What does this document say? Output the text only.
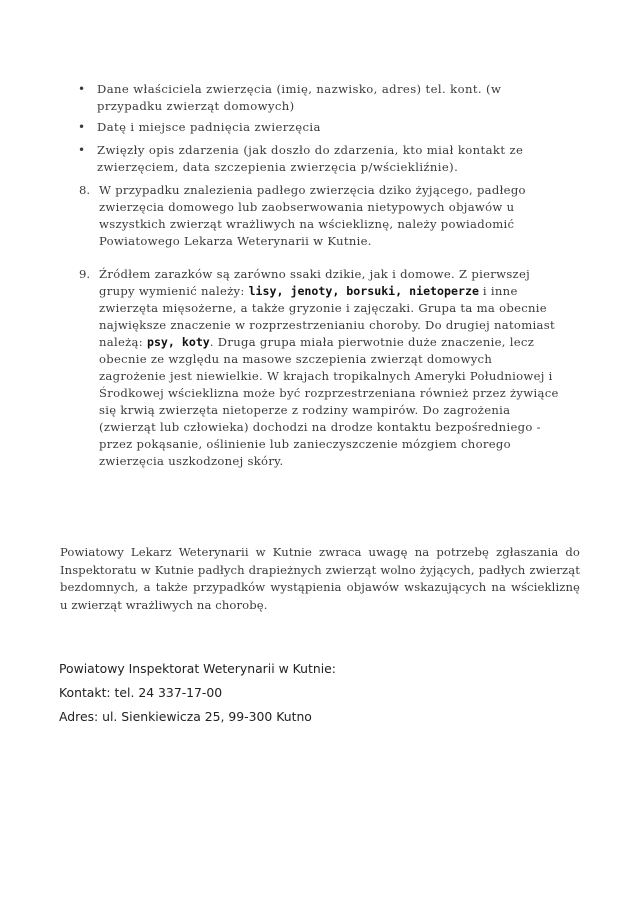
• Dane właściciela zwierzęcia (imię, nazwisko, adres) tel. kont. (w przypadku zwierząt domowych)
• Datę i miejsce padnięcia zwierzęcia
• Zwięzły opis zdarzenia (jak doszło do zdarzenia, kto miał kontakt ze zwierzęciem, data szczepienia zwierzęcia p/wściekliźnie).
8. W przypadku znalezienia padłego zwierzęcia dziko żyjącego, padłego zwierzęcia domowego lub zaobserwowania nietypowych objawów u wszystkich zwierząt wrażliwych na wściekliznę, należy powiadomić Powiatowego Lekarza Weterynarii w Kutnie.
9. Źródłem zarazków są zarówno ssaki dzikie, jak i domowe. Z pierwszej grupy wymienić należy: lisy, jenoty, borsuki, nietoperze i inne zwierzęta mięsożerne, a także gryzonie i zajęczaki. Grupa ta ma obecnie największe znaczenie w rozprzestrzenianiu choroby. Do drugiej natomiast należą: psy, koty. Druga grupa miała pierwotnie duże znaczenie, lecz obecnie ze względu na masowe szczepienia zwierząt domowych zagrożenie jest niewielkie. W krajach tropikalnych Ameryki Południowej i Środkowej wścieklizna może być rozprzestrzeniana również przez żywiące się krwią zwierzęta nietoperze z rodziny wampirów. Do zagrożenia (zwierząt lub człowieka) dochodzi na drodze kontaktu bezpośredniego - przez pokąsanie, oślinienie lub zanieczyszczenie mózgiem chorego zwierzęcia uszkodzonej skóry.
Powiatowy Lekarz Weterynarii w Kutnie zwraca uwagę na potrzebę zgłaszania do Inspektoratu w Kutnie padłych drapieżnych zwierząt wolno żyjących, padłych zwierząt bezdomnych, a także przypadków wystąpienia objawów wskazujących na wściekliznę u zwierząt wrażliwych na chorobę.
Powiatowy Inspektorat Weterynarii w Kutnie:
Kontakt: tel. 24 337-17-00
Adres: ul. Sienkiewicza 25, 99-300 Kutno
